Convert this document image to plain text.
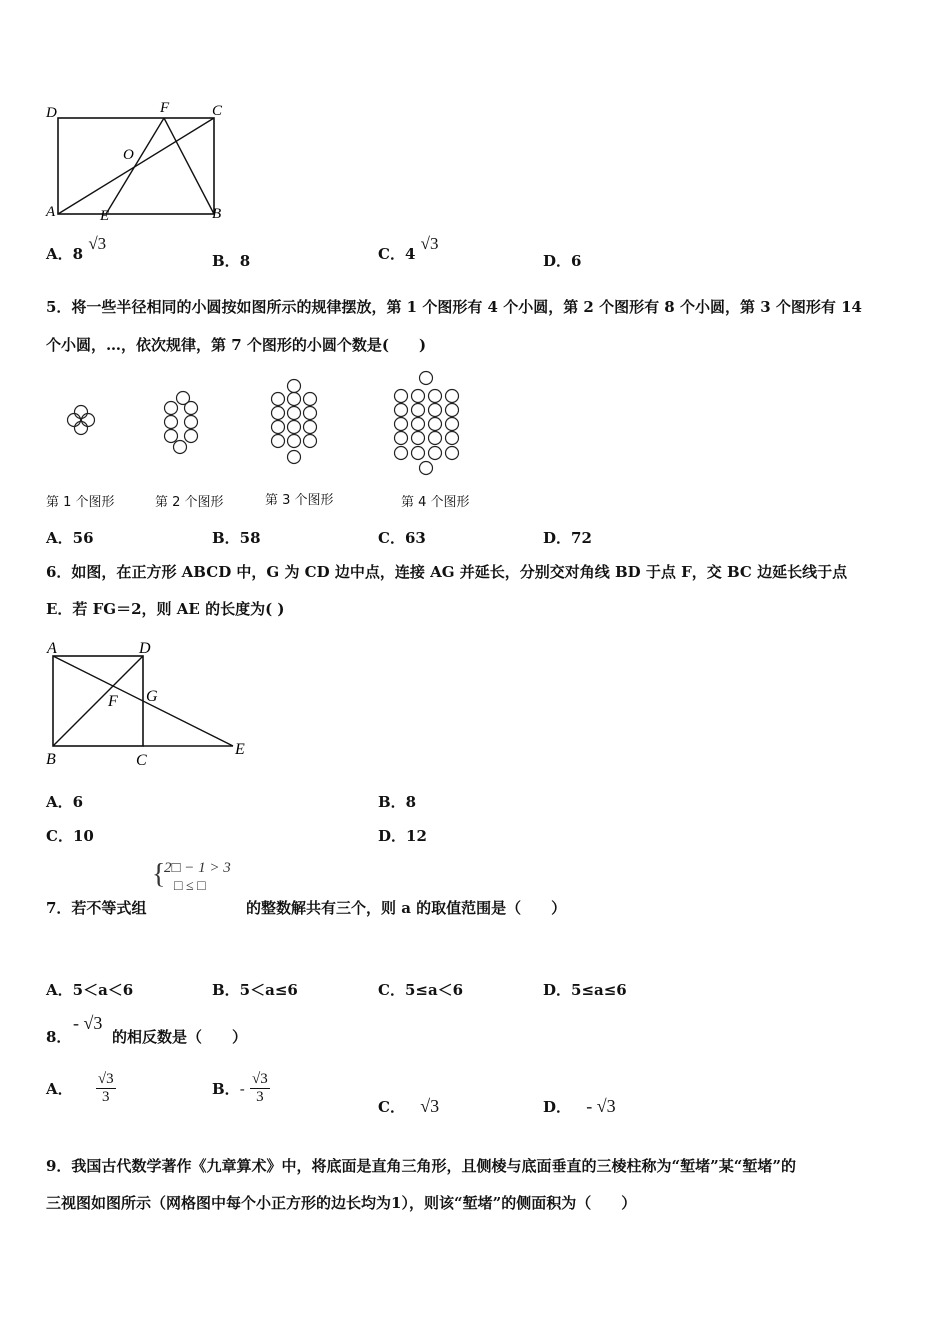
D	F	C
O
A	E	B
A．8 √3
B．8	C．4 √3
D．6
5．将一些半径相同的小圆按如图所示的规律摆放，第 1 个图形有 4 个小圆，第 2 个图形有 8 个小圆，第 3 个图形有 14
个小圆，…，依次规律，第 7 个图形的小圆个数是(　　)
第 1 个图形	第 2 个图形	第 3 个图形	第 4 个图形
A．56	B．58	C．63	D．72
6．如图，在正方形 ABCD 中，G 为 CD 边中点，连接 AG 并延长，分别交对角线 BD 于点 F，交 BC 边延长线于点
E．若 FG＝2，则 AE 的长度为( )
A	D
F G
B	C
E
A．6	B．8
C．10	D．12
7．若不等式组
{
2□ − 1 > 3
□ ≤ □
的整数解共有三个，则 a 的取值范围是（　　）
A．5＜a＜6	B．5＜a≤6	C．5≤a＜6	D．5≤a≤6
8．
- √3
的相反数是（　　）
A． $\frac{√3}{3}$	B．- $\frac{√3}{3}$
C． √3	D． - √3
9．我国古代数学著作《九章算术》中，将底面是直角三角形，且侧棱与底面垂直的三棱柱称为“堑堵”某“堑堵”的
三视图如图所示（网格图中每个小正方形的边长均为1），则该“堑堵”的侧面积为（　　）
